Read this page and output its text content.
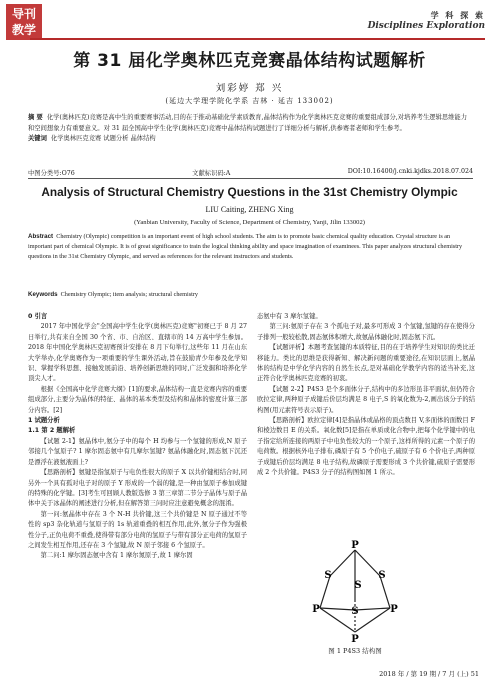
导刊
教学
学 科 探 索
Disciplines Exploration
第 31 届化学奥林匹克竞赛晶体结构试题解析
刘彩婷 郑 兴
(延边大学理学院化学系 吉林 · 延吉 133002)
摘 要 化学(奥林匹克)竞赛是高中生的重要赛事活动,目的在于推动基础化学素质教育,晶体结构作为化学奥林匹克竞赛的重要组成部分,对培养考生逻辑思维能力和空间想象力有重要意义。对 31 届全国高中学生化学(奥林匹克)竞赛中晶体结构试题进行了详细分析与解析,供参赛者老师和学生参考。
关键词 化学奥林匹克竞赛 试题分析 晶体结构
中图分类号:O76	文献标识码:A	DOI:10.16400/j.cnki.kjdks.2018.07.024
Analysis of Structural Chemistry Questions in the 31st Chemistry Olympic
LIU Caiting, ZHENG Xing
(Yanbian University, Faculty of Science, Department of Chemistry, Yanji, Jilin 133002)
Abstract Chemistry (Olympic) competition is an important event of high school students. The aim is to promote basic chemical quality education. Crystal structure is an important part of chemical Olympic. It is of great significance to train the logical thinking ability and space imagination of examinees. This paper analyzes structural chemistry questions in the 31st Chemistry Olympic, and served as references for the relevant instructors and students.
Keywords Chemistry Olympic; item analysis; structural chemistry
0 引言

2017 年中国化学会"全国高中学生化学(奥林匹克)竞赛"初赛已于 8 月 27 日举行,共有来自全国 30 个省、市、自治区、直辖市的 14 万高中学生参加。2018 年中国化学奥林匹克初赛预计安排在 8 月下旬举行,这些年 11 月在山东大学举办,化学奥赛作为一项重要的学生课外活动,旨在鼓励青少年参及化学知识、掌握学科思想、接触发展前沿、培养创新思维的同时,广泛发掘和培养化学顶尖人才。

根据《全国高中化学竞赛大纲》[1]的要求,晶体结构一直是竞赛内容的重要组成部分,主要分为晶体的特征、晶体的基本类型及结构和晶体的密度计算三部分内容。[2]

1 试题分析
1.1 第 2 题解析

【试题 2-1】氨晶体中,氨分子中的每个 H 均参与一个氢键的形成,N 原子邻接几个氢原子? 1 摩尔固态氨中有几摩尔氢键? 氨晶体融化时,固态氨下沉还是漂浮在液氨液面上?

【思路剖析】氨键是指氢原子与电负性很大的原子 X 以共价键相结合时,同另外一个具有孤对电子对的原子 Y 形成的一个弱的键,是一种由氢原子参加成键的特殊的化学键。[3]考生可回顾人教版选修 3 第三章第二节分子晶体与原子晶体中关于冰晶体的阐述进行分析,但在解答第三问时应注意避免概念的混淆。

第一问:氨晶体中存在 3 个 N-H 共价键,这三个共价键是 N 原子通过不等性的 sp3 杂化轨道与氢原子的 1s 轨道重叠的相互作用,此外,氨分子作为强极性分子,正负电荷不重叠,使得带有部分电荷的氢原子与带有部分正电荷的氢原子之间发生相互作用,还存在 3 个氢键,故 N 原子邻接 6 个氢原子。

第二问:1 摩尔固态氨中含有 1 摩尔氮原子,故 1 摩尔固

态氨中有 3 摩尔氢键。

第三问:氨原子存在 3 个孤电子对,最多可形成 3 个氢键,氢键的存在使得分子排列一般较松散,固态氨体积增大,故氨晶体融化时,固态氨下沉。

【试题评析】本题考查氢键的本质特征,目的在于培养学生对知识的类比迁移能力。类比的思维是获得新知、解决新问题的重要途径,在知识层面上,氨晶体的结构是中学化学内容的自然生长点,是对基础化学教学内容的适当补充,这正符合化学奥林匹克竞赛的初衷。

【试题 2-2】P4S3 是个多面体分子,结构中的多边形虽非平面状,但仍符合欧拉定律,两种原子成键后价层均满足 8 电子,S 的氧化数为-2,画出该分子的结构图(用元素符号表示原子)。

【思路剖析】欧拉定律[4]是指晶体或晶格的顶点数目 V,多面体的面数目 F 和棱边数目 E 的关系。氧化数[5]是指在单质或化合物中,把每个化学键中的电子指定给所连接的两原子中电负性较大的一个原子,这样所得的元素一个原子的电荷数。根据核外电子排布,磷原子有 5 个价电子,硫原子有 6 个价电子,两种原子成键后价层均满足 8 电子结构,故磷原子需要形成 3 个共价键,硫原子需要形成 2 个共价键。P4S3 分子的结构图如图 1 所示。

P
S	S
S
P	S	P
P
图 1 P4S3 结构图
2018 年 / 第 19 期 / 7 月 (上) 51
